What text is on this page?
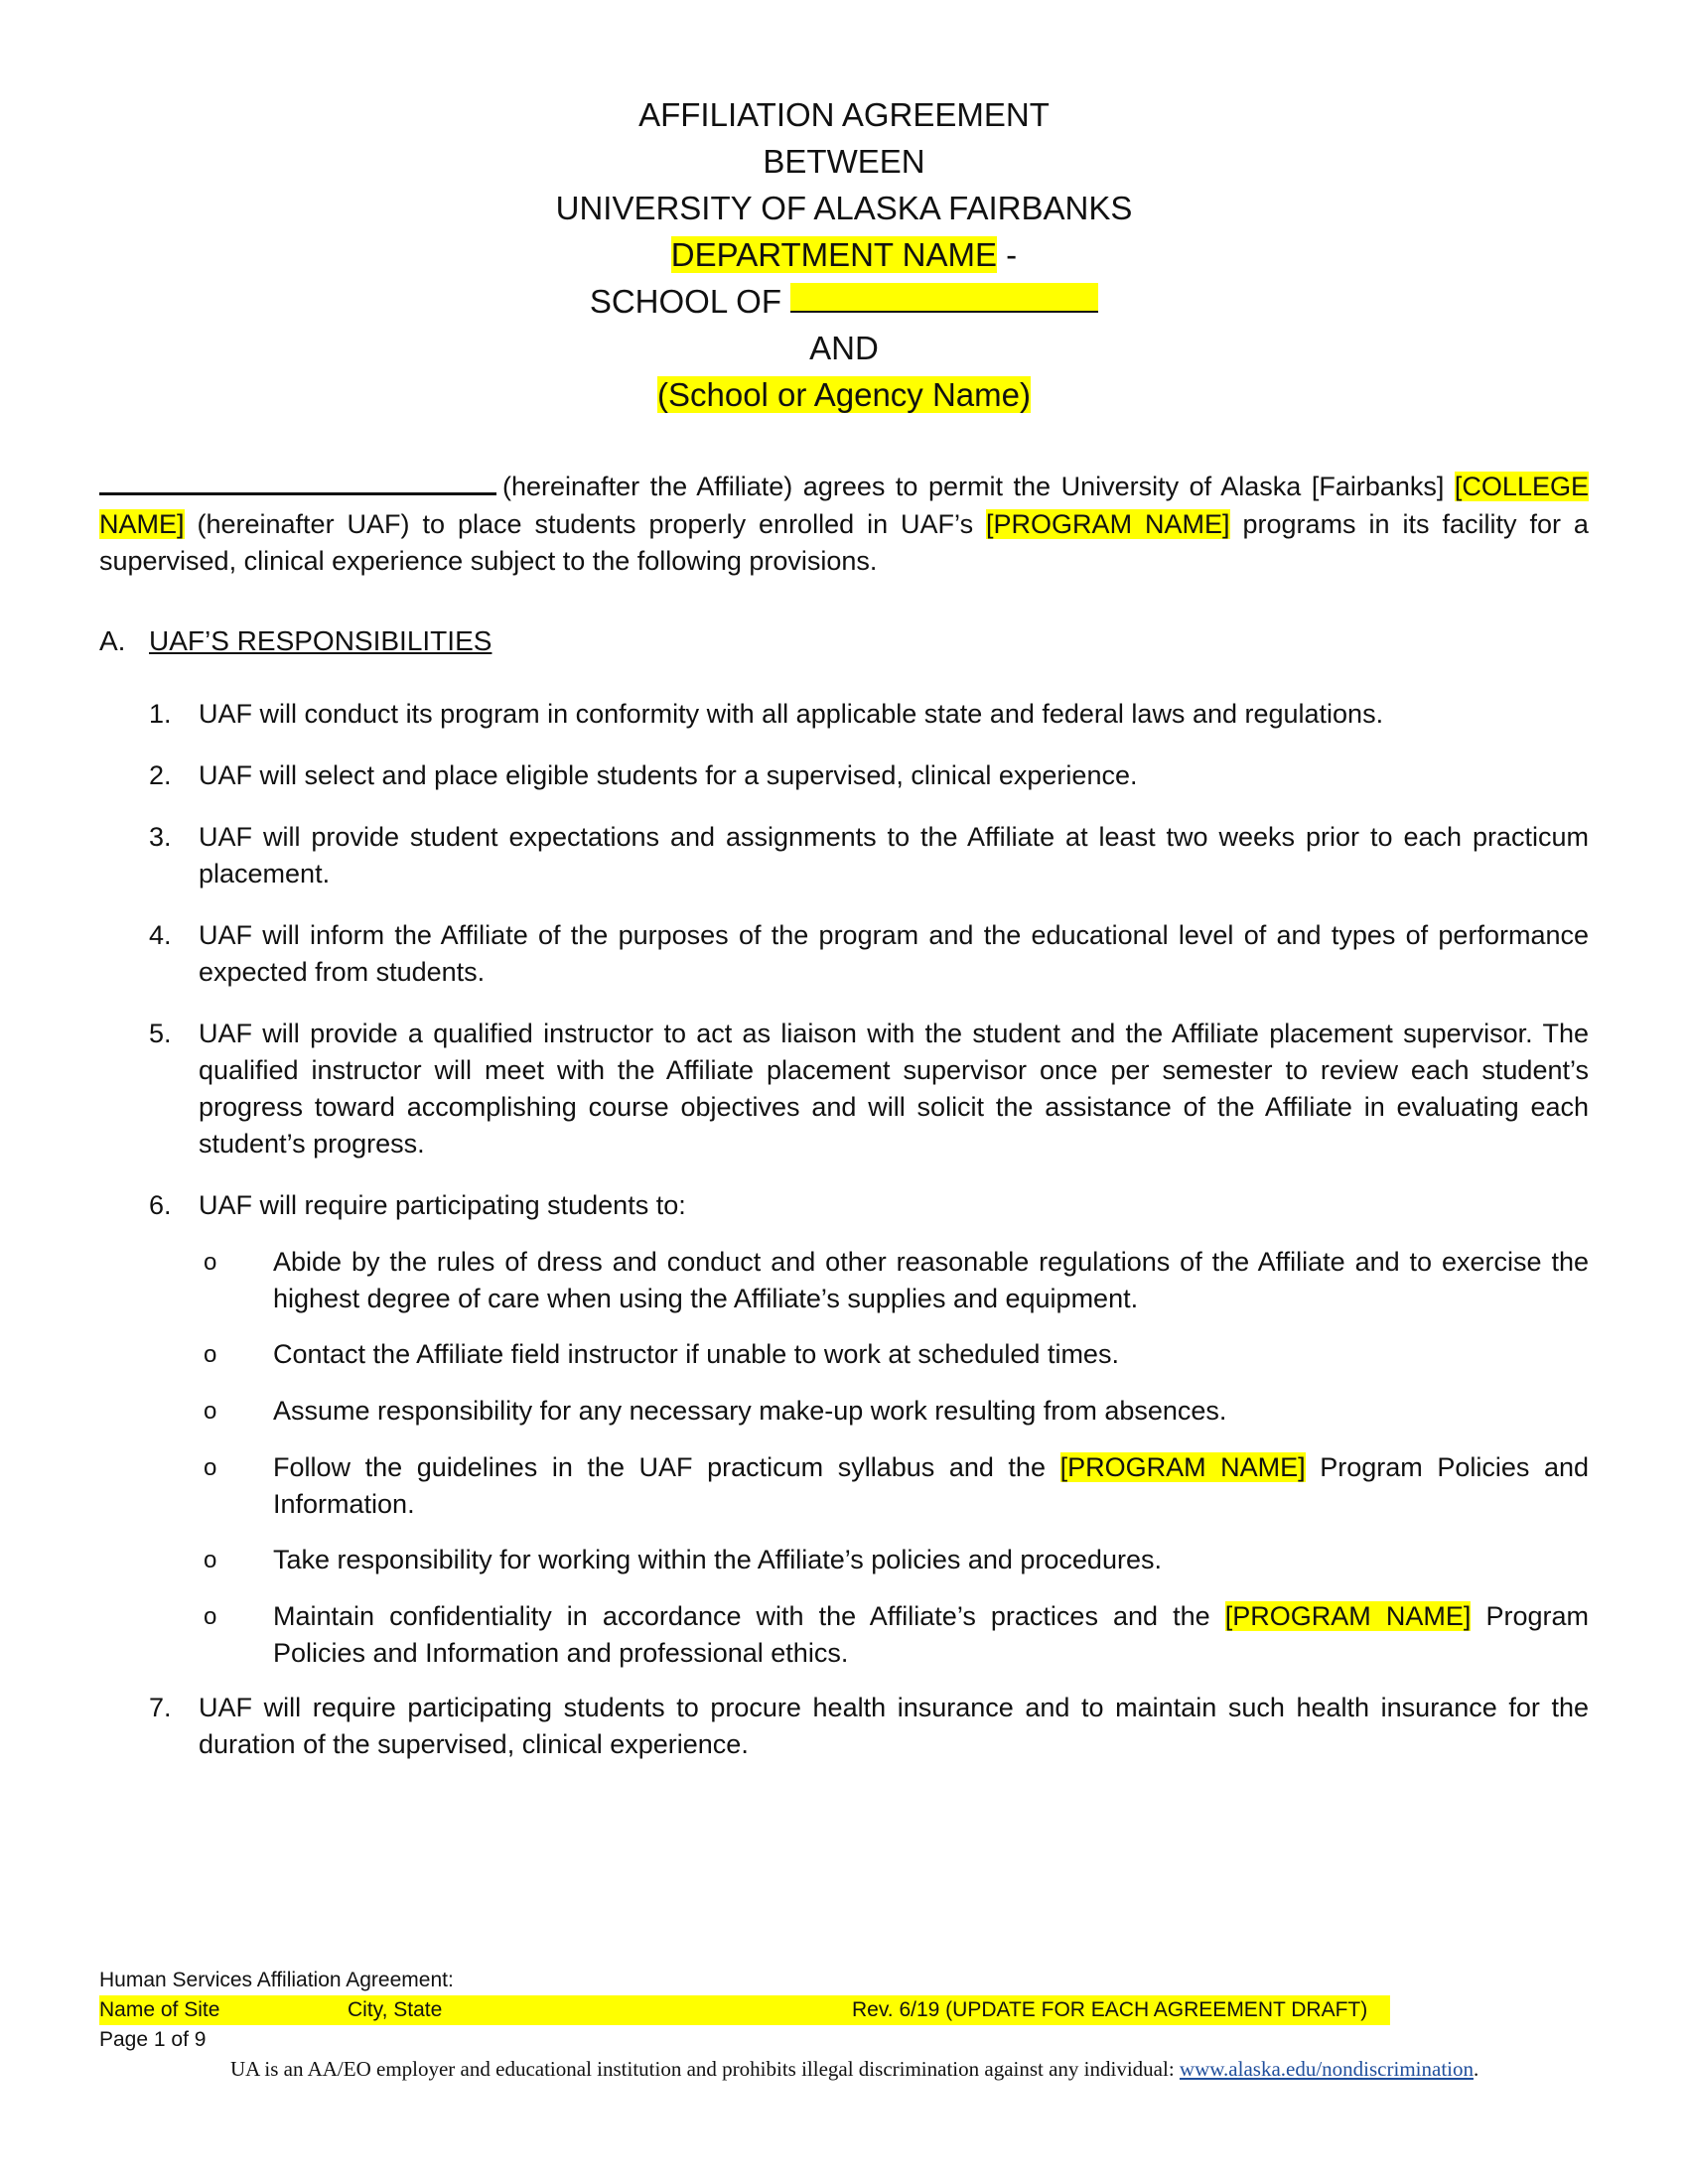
AFFILIATION AGREEMENT
BETWEEN
UNIVERSITY OF ALASKA FAIRBANKS
DEPARTMENT NAME -
SCHOOL OF
AND
(School or Agency Name)
(hereinafter the Affiliate) agrees to permit the University of Alaska [Fairbanks] [COLLEGE NAME] (hereinafter UAF) to place students properly enrolled in UAF’s [PROGRAM NAME] programs in its facility for a supervised, clinical experience subject to the following provisions.
A. UAF’S RESPONSIBILITIES
1.	UAF will conduct its program in conformity with all applicable state and federal laws and regulations.
2.	UAF will select and place eligible students for a supervised, clinical experience.
3.	UAF will provide student expectations and assignments to the Affiliate at least two weeks prior to each practicum placement.
4.	UAF will inform the Affiliate of the purposes of the program and the educational level of and types of performance expected from students.
5.	UAF will provide a qualified instructor to act as liaison with the student and the Affiliate placement supervisor. The qualified instructor will meet with the Affiliate placement supervisor once per semester to review each student’s progress toward accomplishing course objectives and will solicit the assistance of the Affiliate in evaluating each student’s progress.
6.	UAF will require participating students to:
o Abide by the rules of dress and conduct and other reasonable regulations of the Affiliate and to exercise the highest degree of care when using the Affiliate’s supplies and equipment.
o Contact the Affiliate field instructor if unable to work at scheduled times.
o Assume responsibility for any necessary make-up work resulting from absences.
o Follow the guidelines in the UAF practicum syllabus and the [PROGRAM NAME] Program Policies and Information.
o Take responsibility for working within the Affiliate’s policies and procedures.
o Maintain confidentiality in accordance with the Affiliate’s practices and the [PROGRAM NAME] Program Policies and Information and professional ethics.
7.	UAF will require participating students to procure health insurance and to maintain such health insurance for the duration of the supervised, clinical experience.
Human Services Affiliation Agreement:
Name of Site	City, State	Rev. 6/19 (UPDATE FOR EACH AGREEMENT DRAFT)
Page 1 of 9
UA is an AA/EO employer and educational institution and prohibits illegal discrimination against any individual: www.alaska.edu/nondiscrimination.
